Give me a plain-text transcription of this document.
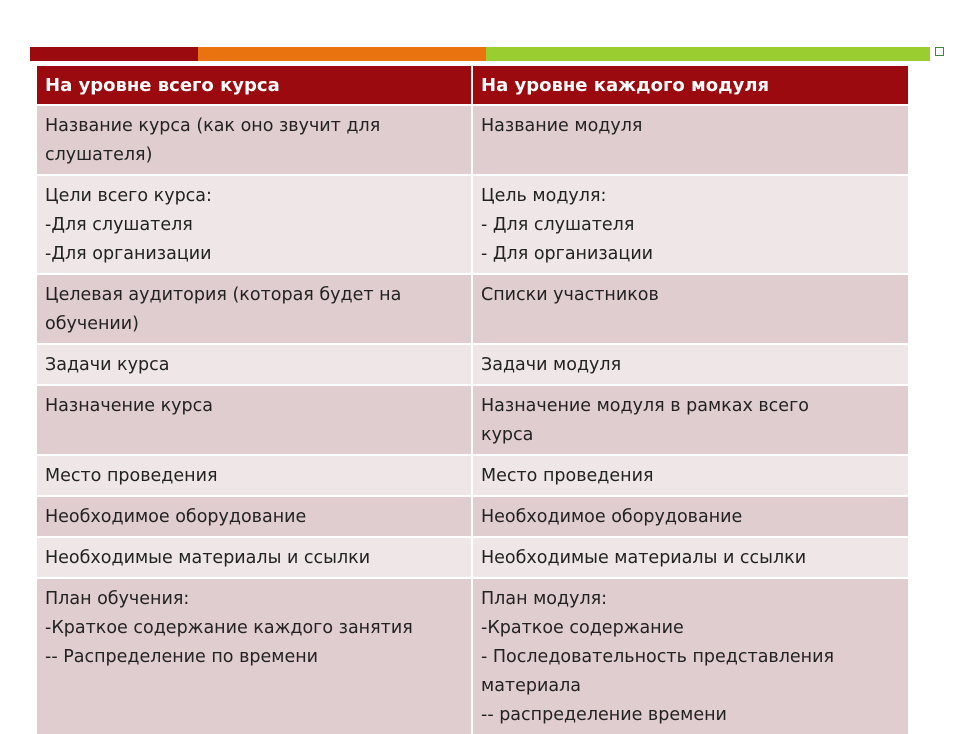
На уровне всего курса	На уровне каждого модуля

Название курса (как оно звучит для
слушателя)	Название модуля

Цели всего курса:
-Для слушателя
-Для организации	Цель модуля:
- Для слушателя
- Для организации

Целевая аудитория (которая будет на
обучении)	Списки участников

Задачи курса	Задачи модуля

Назначение курса	Назначение модуля в рамках всего
курса

Место проведения	Место проведения

Необходимое оборудование	Необходимое оборудование

Необходимые материалы и ссылки	Необходимые материалы и ссылки

План обучения:
-Краткое содержание каждого занятия
-- Распределение по времени	План модуля:
-Краткое содержание
- Последовательность представления
материала
-- распределение времени
